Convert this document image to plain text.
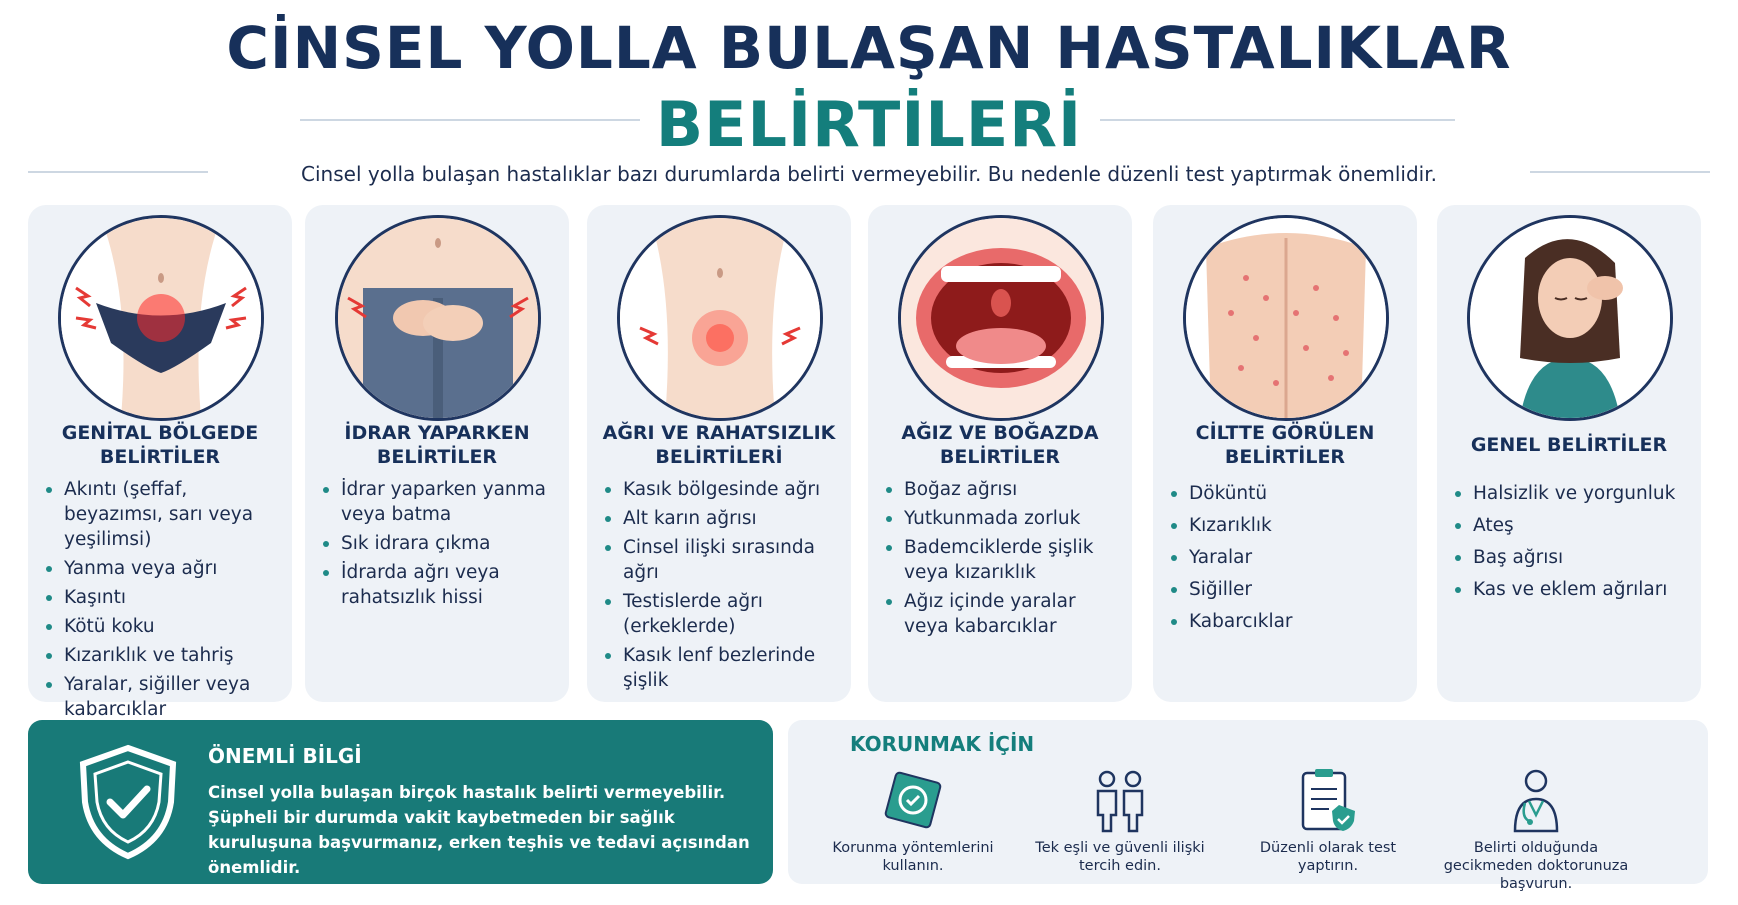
CİNSEL YOLLA BULAŞAN HASTALIKLAR
BELİRTİLERİ
Cinsel yolla bulaşan hastalıklar bazı durumlarda belirti vermeyebilir. Bu nedenle düzenli test yaptırmak önemlidir.
GENİTAL BÖLGEDE BELİRTİLER
Akıntı (şeffaf, beyazımsı, sarı veya yeşilimsi)
Yanma veya ağrı
Kaşıntı
Kötü koku
Kızarıklık ve tahriş
Yaralar, siğiller veya kabarcıklar
İDRAR YAPARKEN BELİRTİLER
İdrar yaparken yanma veya batma
Sık idrara çıkma
İdrarda ağrı veya rahatsızlık hissi
AĞRI VE RAHATSIZLIK BELİRTİLERİ
Kasık bölgesinde ağrı
Alt karın ağrısı
Cinsel ilişki sırasında ağrı
Testislerde ağrı (erkeklerde)
Kasık lenf bezlerinde şişlik
AĞIZ VE BOĞAZDA BELİRTİLER
Boğaz ağrısı
Yutkunmada zorluk
Bademciklerde şişlik veya kızarıklık
Ağız içinde yaralar veya kabarcıklar
CİLTTE GÖRÜLEN BELİRTİLER
Döküntü
Kızarıklık
Yaralar
Siğiller
Kabarcıklar
GENEL BELİRTİLER
Halsizlik ve yorgunluk
Ateş
Baş ağrısı
Kas ve eklem ağrıları
ÖNEMLİ BİLGİ
Cinsel yolla bulaşan birçok hastalık belirti vermeyebilir. Şüpheli bir durumda vakit kaybetmeden bir sağlık kuruluşuna başvurmanız, erken teşhis ve tedavi açısından önemlidir.
KORUNMAK İÇİN
Korunma yöntemlerini kullanın.
Tek eşli ve güvenli ilişki tercih edin.
Düzenli olarak test yaptırın.
Belirti olduğunda gecikmeden doktorunuza başvurun.
